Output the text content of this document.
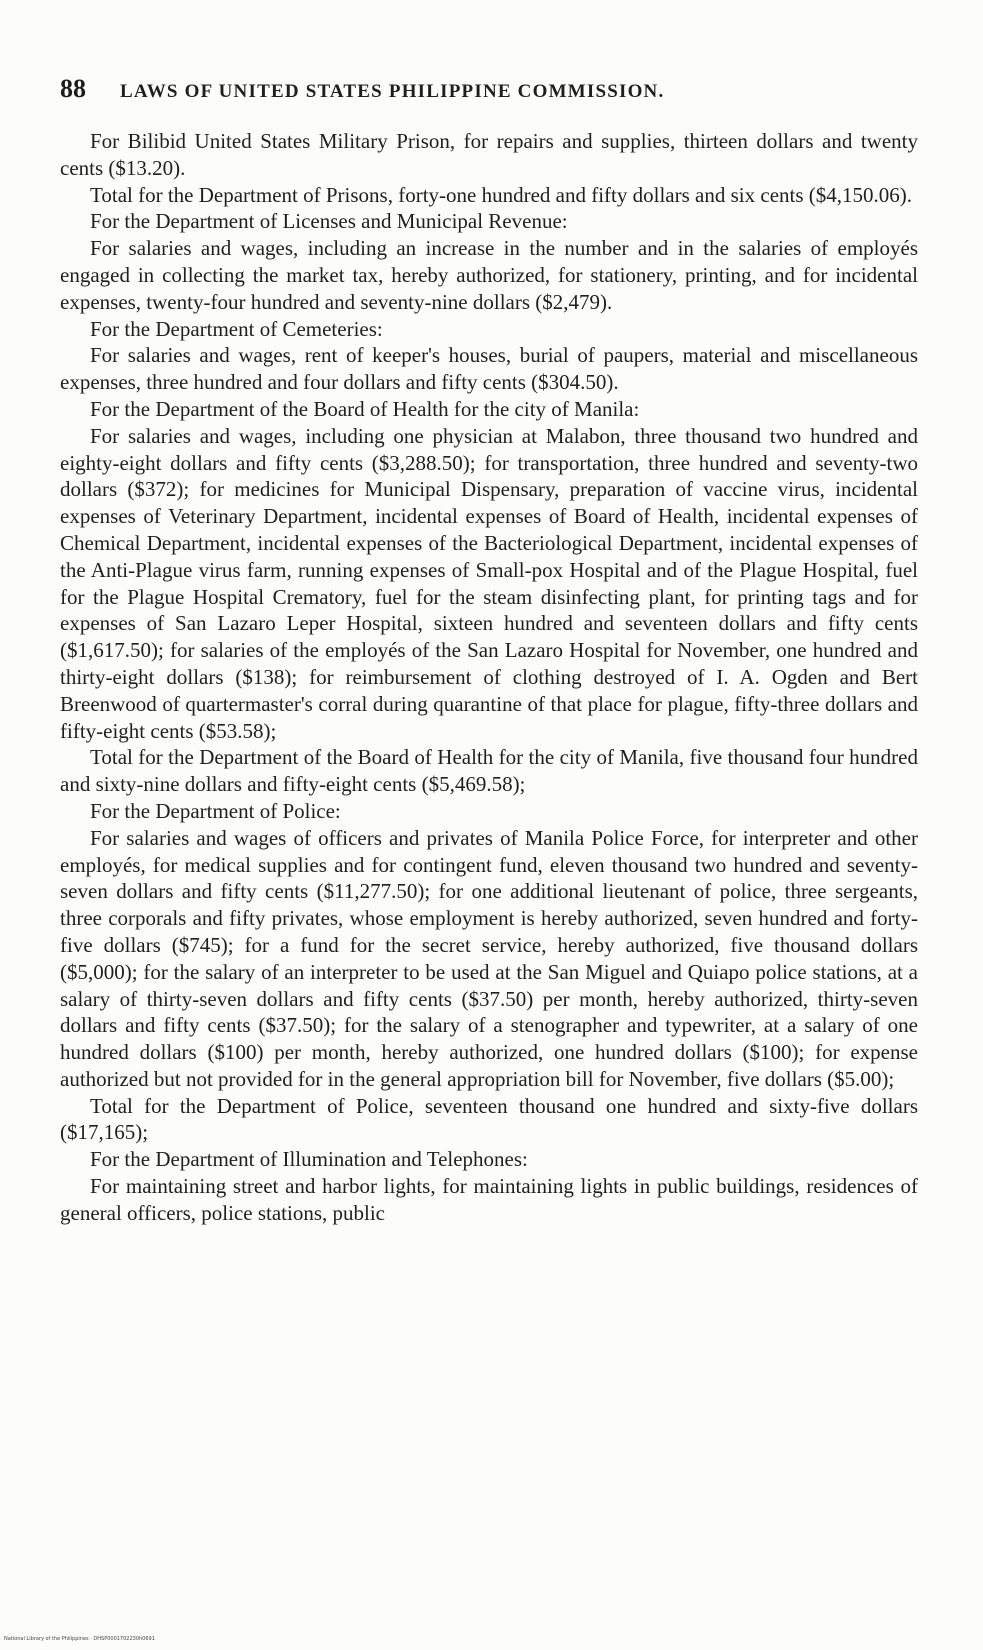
88 LAWS OF UNITED STATES PHILIPPINE COMMISSION.

For Bilibid United States Military Prison, for repairs and supplies, thirteen dollars and twenty cents ($13.20).

Total for the Department of Prisons, forty-one hundred and fifty dollars and six cents ($4,150.06).

For the Department of Licenses and Municipal Revenue:

For salaries and wages, including an increase in the number and in the salaries of employés engaged in collecting the market tax, hereby authorized, for stationery, printing, and for incidental expenses, twenty-four hundred and seventy-nine dollars ($2,479).

For the Department of Cemeteries:

For salaries and wages, rent of keeper's houses, burial of paupers, material and miscellaneous expenses, three hundred and four dollars and fifty cents ($304.50).

For the Department of the Board of Health for the city of Manila:

For salaries and wages, including one physician at Malabon, three thousand two hundred and eighty-eight dollars and fifty cents ($3,288.50); for transportation, three hundred and seventy-two dollars ($372); for medicines for Municipal Dispensary, preparation of vaccine virus, incidental expenses of Veterinary Department, incidental expenses of Board of Health, incidental expenses of Chemical Department, incidental expenses of the Bacteriological Department, incidental expenses of the Anti-Plague virus farm, running expenses of Small-pox Hospital and of the Plague Hospital, fuel for the Plague Hospital Crematory, fuel for the steam disinfecting plant, for printing tags and for expenses of San Lazaro Leper Hospital, sixteen hundred and seventeen dollars and fifty cents ($1,617.50); for salaries of the employés of the San Lazaro Hospital for November, one hundred and thirty-eight dollars ($138); for reimbursement of clothing destroyed of I. A. Ogden and Bert Breenwood of quartermaster's corral during quarantine of that place for plague, fifty-three dollars and fifty-eight cents ($53.58);

Total for the Department of the Board of Health for the city of Manila, five thousand four hundred and sixty-nine dollars and fifty-eight cents ($5,469.58);

For the Department of Police:

For salaries and wages of officers and privates of Manila Police Force, for interpreter and other employés, for medical supplies and for contingent fund, eleven thousand two hundred and seventy-seven dollars and fifty cents ($11,277.50); for one additional lieutenant of police, three sergeants, three corporals and fifty privates, whose employment is hereby authorized, seven hundred and forty-five dollars ($745); for a fund for the secret service, hereby authorized, five thousand dollars ($5,000); for the salary of an interpreter to be used at the San Miguel and Quiapo police stations, at a salary of thirty-seven dollars and fifty cents ($37.50) per month, hereby authorized, thirty-seven dollars and fifty cents ($37.50); for the salary of a stenographer and typewriter, at a salary of one hundred dollars ($100) per month, hereby authorized, one hundred dollars ($100); for expense authorized but not provided for in the general appropriation bill for November, five dollars ($5.00);

Total for the Department of Police, seventeen thousand one hundred and sixty-five dollars ($17,165);

For the Department of Illumination and Telephones:

For maintaining street and harbor lights, for maintaining lights in public buildings, residences of general officers, police stations, public

National Library of the Philippines · DHSP0001702230h0691
